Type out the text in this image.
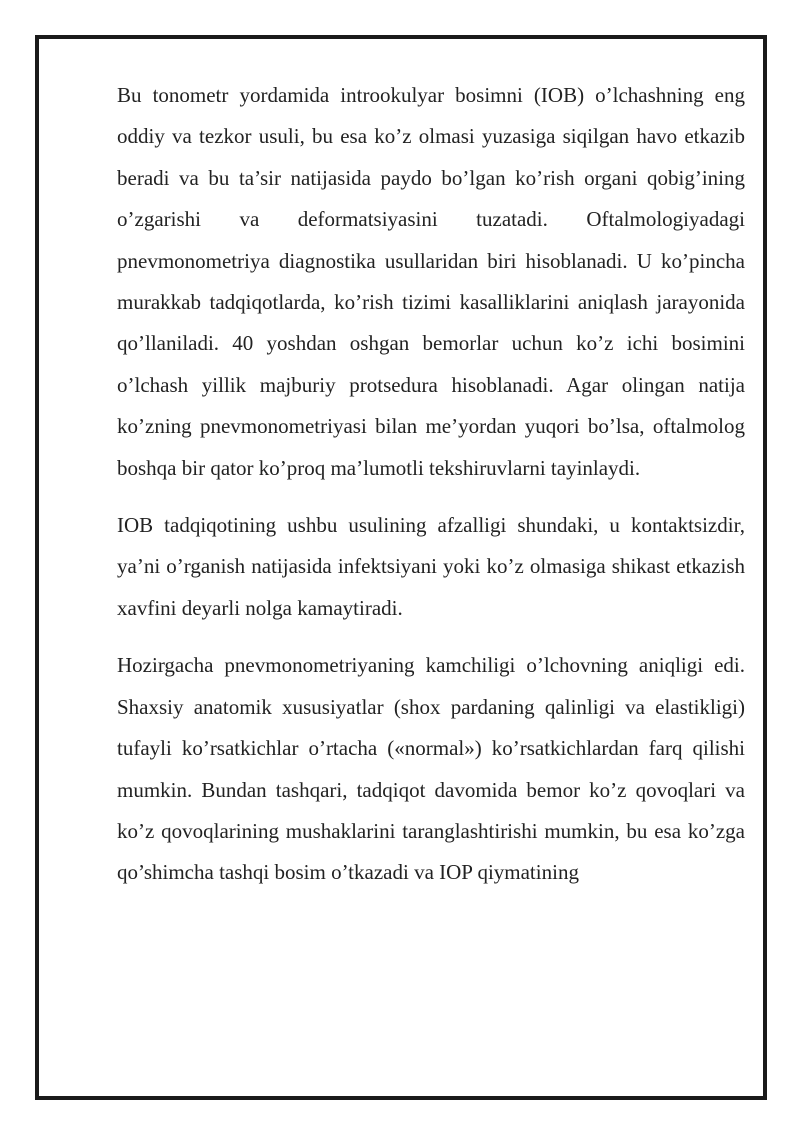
Bu tonometr yordamida introokulyar bosimni (IOB) o’lchashning eng oddiy va tezkor usuli, bu esa ko’z olmasi yuzasiga siqilgan havo etkazib beradi va bu ta’sir natijasida paydo bo’lgan ko’rish organi qobig’ining o’zgarishi va deformatsiyasini tuzatadi. Oftalmologiyadagi pnevmonometriya diagnostika usullaridan biri hisoblanadi. U ko’pincha murakkab tadqiqotlarda, ko’rish tizimi kasalliklarini aniqlash jarayonida qo’llaniladi. 40 yoshdan oshgan bemorlar uchun ko’z ichi bosimini o’lchash yillik majburiy protsedura hisoblanadi. Agar olingan natija ko’zning pnevmonometriyasi bilan me’yordan yuqori bo’lsa, oftalmolog boshqa bir qator ko’proq ma’lumotli tekshiruvlarni tayinlaydi.

IOB tadqiqotining ushbu usulining afzalligi shundaki, u kontaktsizdir, ya’ni o’rganish natijasida infektsiyani yoki ko’z olmasiga shikast etkazish xavfini deyarli nolga kamaytiradi.

Hozirgacha pnevmonometriyaning kamchiligi o’lchovning aniqligi edi. Shaxsiy anatomik xususiyatlar (shox pardaning qalinligi va elastikligi) tufayli ko’rsatkichlar o’rtacha («normal») ko’rsatkichlardan farq qilishi mumkin. Bundan tashqari, tadqiqot davomida bemor ko’z qovoqlari va ko’z qovoqlarining mushaklarini taranglashtirishi mumkin, bu esa ko’zga qo’shimcha tashqi bosim o’tkazadi va IOP qiymatining
